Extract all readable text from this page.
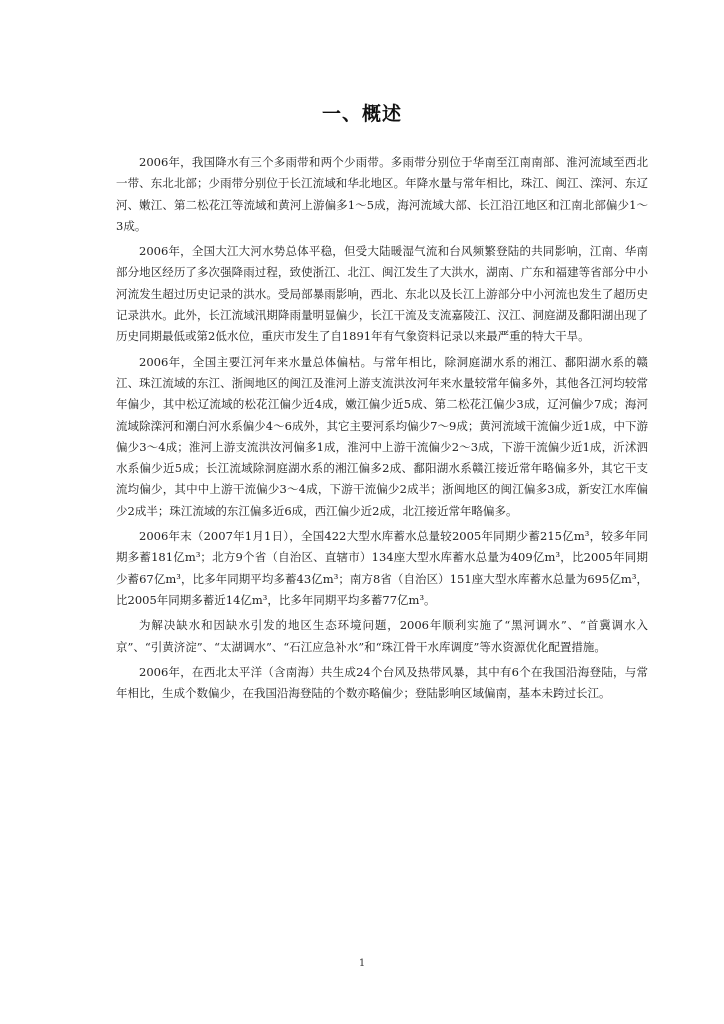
一、概述

2006年，我国降水有三个多雨带和两个少雨带。多雨带分别位于华南至江南南部、淮河流域至西北一带、东北北部；少雨带分别位于长江流域和华北地区。年降水量与常年相比，珠江、闽江、滦河、东辽河、嫩江、第二松花江等流域和黄河上游偏多1～5成，海河流域大部、长江沿江地区和江南北部偏少1～3成。

2006年，全国大江大河水势总体平稳，但受大陆暖湿气流和台风频繁登陆的共同影响，江南、华南部分地区经历了多次强降雨过程，致使浙江、北江、闽江发生了大洪水，湖南、广东和福建等省部分中小河流发生超过历史记录的洪水。受局部暴雨影响，西北、东北以及长江上游部分中小河流也发生了超历史记录洪水。此外，长江流域汛期降雨量明显偏少，长江干流及支流嘉陵江、汉江、洞庭湖及鄱阳湖出现了历史同期最低或第2低水位，重庆市发生了自1891年有气象资料记录以来最严重的特大干旱。

2006年，全国主要江河年来水量总体偏枯。与常年相比，除洞庭湖水系的湘江、鄱阳湖水系的赣江、珠江流域的东江、浙闽地区的闽江及淮河上游支流洪汝河年来水量较常年偏多外，其他各江河均较常年偏少，其中松辽流域的松花江偏少近4成，嫩江偏少近5成、第二松花江偏少3成，辽河偏少7成；海河流域除滦河和潮白河水系偏少4～6成外，其它主要河系均偏少7～9成；黄河流域干流偏少近1成，中下游偏少3～4成；淮河上游支流洪汝河偏多1成，淮河中上游干流偏少2～3成，下游干流偏少近1成，沂沭泗水系偏少近5成；长江流域除洞庭湖水系的湘江偏多2成、鄱阳湖水系赣江接近常年略偏多外，其它干支流均偏少，其中中上游干流偏少3～4成，下游干流偏少2成半；浙闽地区的闽江偏多3成，新安江水库偏少2成半；珠江流域的东江偏多近6成，西江偏少近2成，北江接近常年略偏多。

2006年末（2007年1月1日），全国422大型水库蓄水总量较2005年同期少蓄215亿m³，较多年同期多蓄181亿m³；北方9个省（自治区、直辖市）134座大型水库蓄水总量为409亿m³，比2005年同期少蓄67亿m³，比多年同期平均多蓄43亿m³；南方8省（自治区）151座大型水库蓄水总量为695亿m³，比2005年同期多蓄近14亿m³，比多年同期平均多蓄77亿m³。

为解决缺水和因缺水引发的地区生态环境问题，2006年顺利实施了“黑河调水”、“首冀调水入京”、“引黄济淀”、“太湖调水”、“石江应急补水”和“珠江骨干水库调度”等水资源优化配置措施。

2006年，在西北太平洋（含南海）共生成24个台风及热带风暴，其中有6个在我国沿海登陆，与常年相比，生成个数偏少，在我国沿海登陆的个数亦略偏少；登陆影响区域偏南，基本未跨过长江。

1
